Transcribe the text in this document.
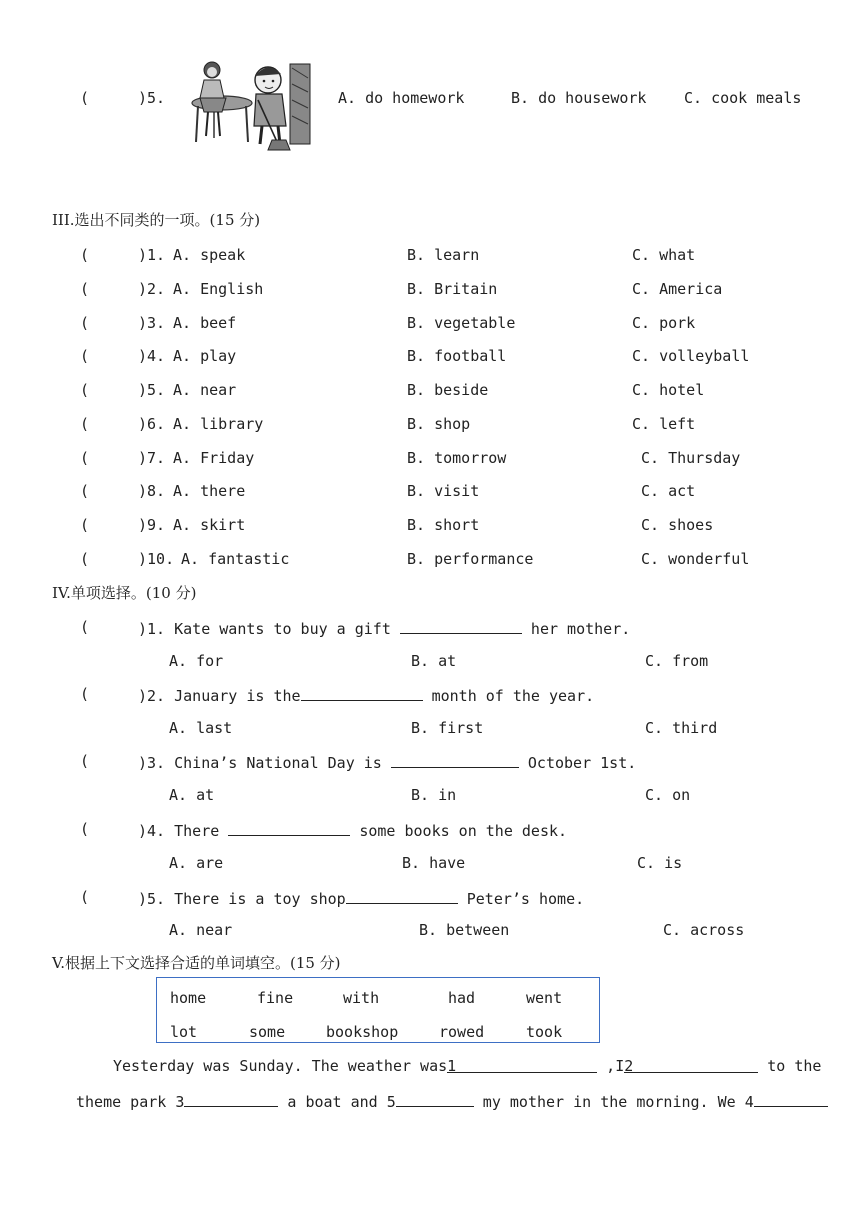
(	)5.	A. do homework	B. do housework	C. cook meals
III.选出不同类的一项。(15 分)
(	)1. A. speak	B. learn	C. what
(	)2. A. English	B. Britain	C. America
(	)3. A. beef	B. vegetable	C. pork
(	)4. A. play	B. football	C. volleyball
(	)5. A. near	B. beside	C. hotel
(	)6. A. library	B. shop	C. left
(	)7. A. Friday	B. tomorrow	C. Thursday
(	)8. A. there	B. visit	C. act
(	)9. A. skirt	B. short	C. shoes
(	)10. A. fantastic	B. performance	C. wonderful
IV.单项选择。(10 分)
(	)1. Kate wants to buy a gift	her mother.
A. for	B. at	C. from
(	)2. January is the	month of the year.
A. last	B. first	C. third
(	)3. China’s National Day is	October 1st.
A. at	B. in	C. on
(	)4. There	some books on the desk.
A. are	B. have	C. is
(	)5. There is a toy shop	Peter’s home.
A. near	B. between	C. across
V.根据上下文选择合适的单词填空。(15 分)
home	fine	with	had	went
lot	some	bookshop	rowed	took
Yesterday was Sunday. The weather was1	,I2	to the
theme park 3	a boat and 5	my mother in the morning. We 4
